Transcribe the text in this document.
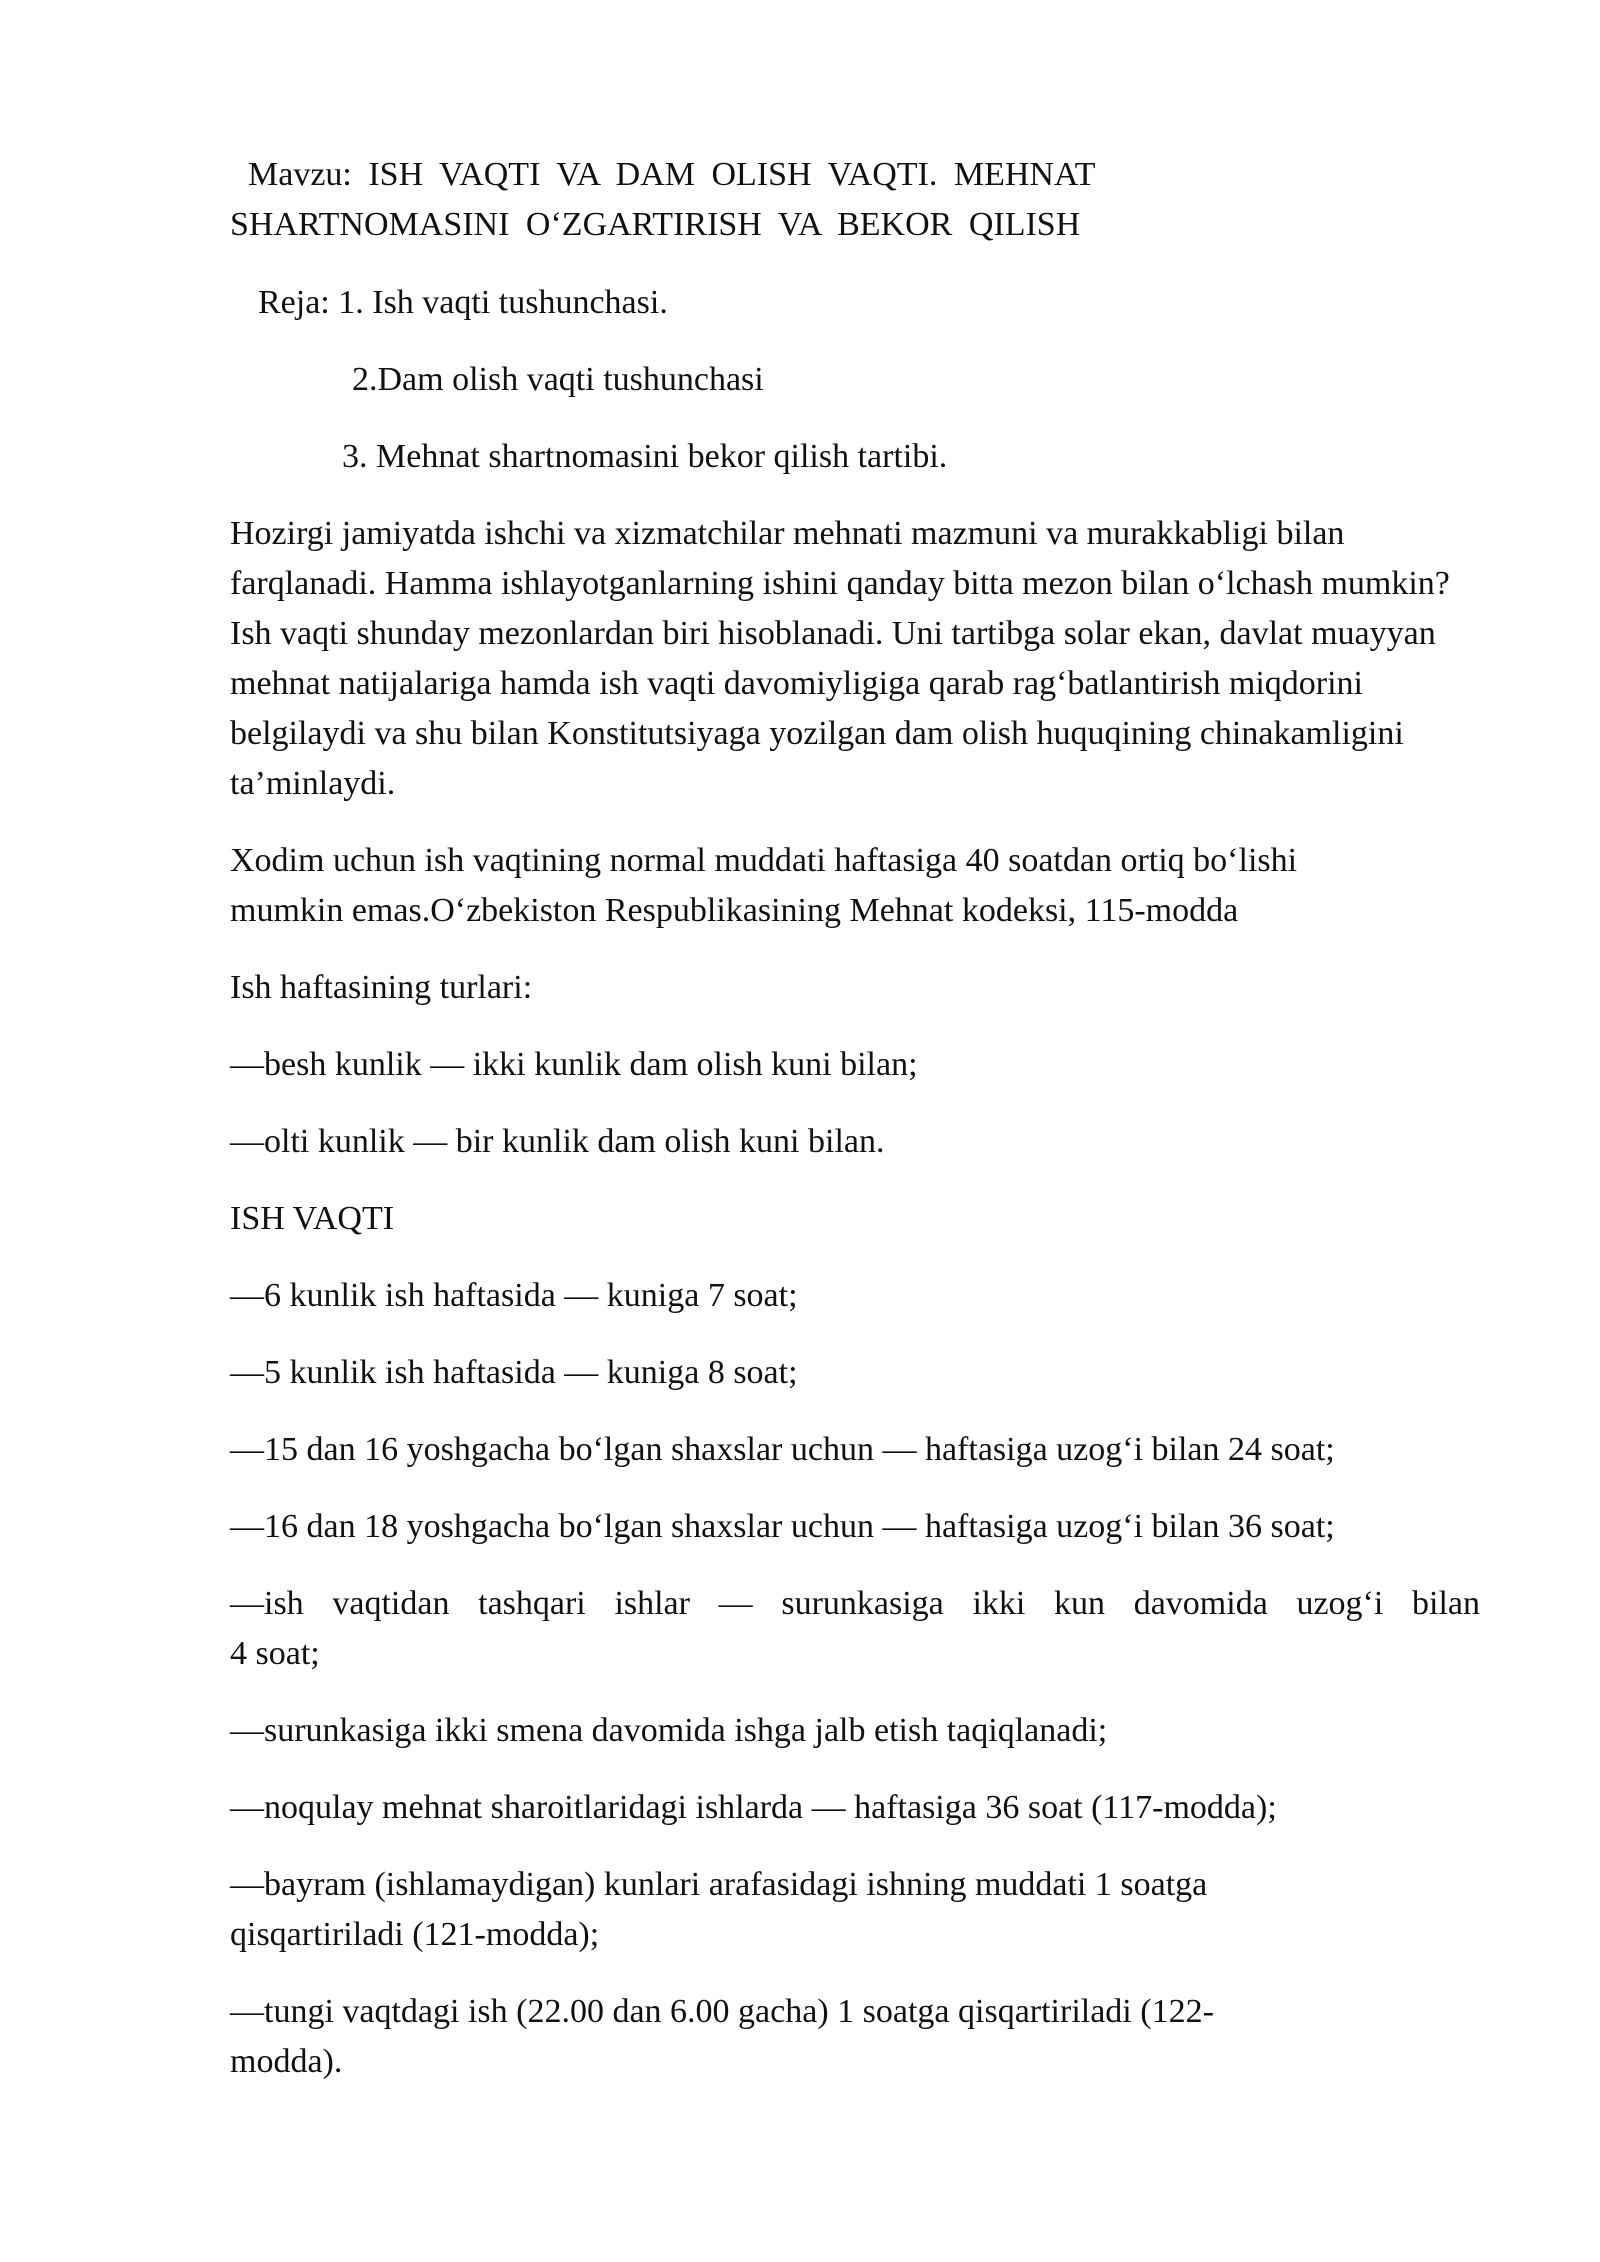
Mavzu: ISH VAQTI VA DAM OLISH VAQTI. MEHNAT
SHARTNOMASINI O‘ZGARTIRISH VA BEKOR QILISH

Reja: 1. Ish vaqti tushunchasi.

2.Dam olish vaqti tushunchasi

3. Mehnat shartnomasini bekor qilish tartibi.

Hozirgi jamiyatda ishchi va xizmatchilar mehnati mazmuni va murakkabligi bilan farqlanadi. Hamma ishlayotganlarning ishini qanday bitta mezon bilan o‘lchash mumkin? Ish vaqti shunday mezonlardan biri hisoblanadi. Uni tartibga solar ekan, davlat muayyan mehnat natijalariga hamda ish vaqti davomiyligiga qarab rag‘batlantirish miqdorini belgilaydi va shu bilan Konstitutsiyaga yozilgan dam olish huquqining chinakamligini ta’minlaydi.

Xodim uchun ish vaqtining normal muddati haftasiga 40 soatdan ortiq bo‘lishi
mumkin emas.O‘zbekiston Respublikasining Mehnat kodeksi, 115-modda

Ish haftasining turlari:

—besh kunlik — ikki kunlik dam olish kuni bilan;

—olti kunlik — bir kunlik dam olish kuni bilan.

ISH VAQTI

—6 kunlik ish haftasida — kuniga 7 soat;

—5 kunlik ish haftasida — kuniga 8 soat;

—15 dan 16 yoshgacha bo‘lgan shaxslar uchun — haftasiga uzog‘i bilan 24 soat;

—16 dan 18 yoshgacha bo‘lgan shaxslar uchun — haftasiga uzog‘i bilan 36 soat;

—ish vaqtidan tashqari ishlar — surunkasiga ikki kun davomida uzog‘i bilan
4 soat;

—surunkasiga ikki smena davomida ishga jalb etish taqiqlanadi;

—noqulay mehnat sharoitlaridagi ishlarda — haftasiga 36 soat (117-modda);

—bayram (ishlamaydigan) kunlari arafasidagi ishning muddati 1 soatga
qisqartiriladi (121-modda);
—tungi vaqtdagi ish (22.00 dan 6.00 gacha) 1 soatga qisqartiriladi (122-
modda).
